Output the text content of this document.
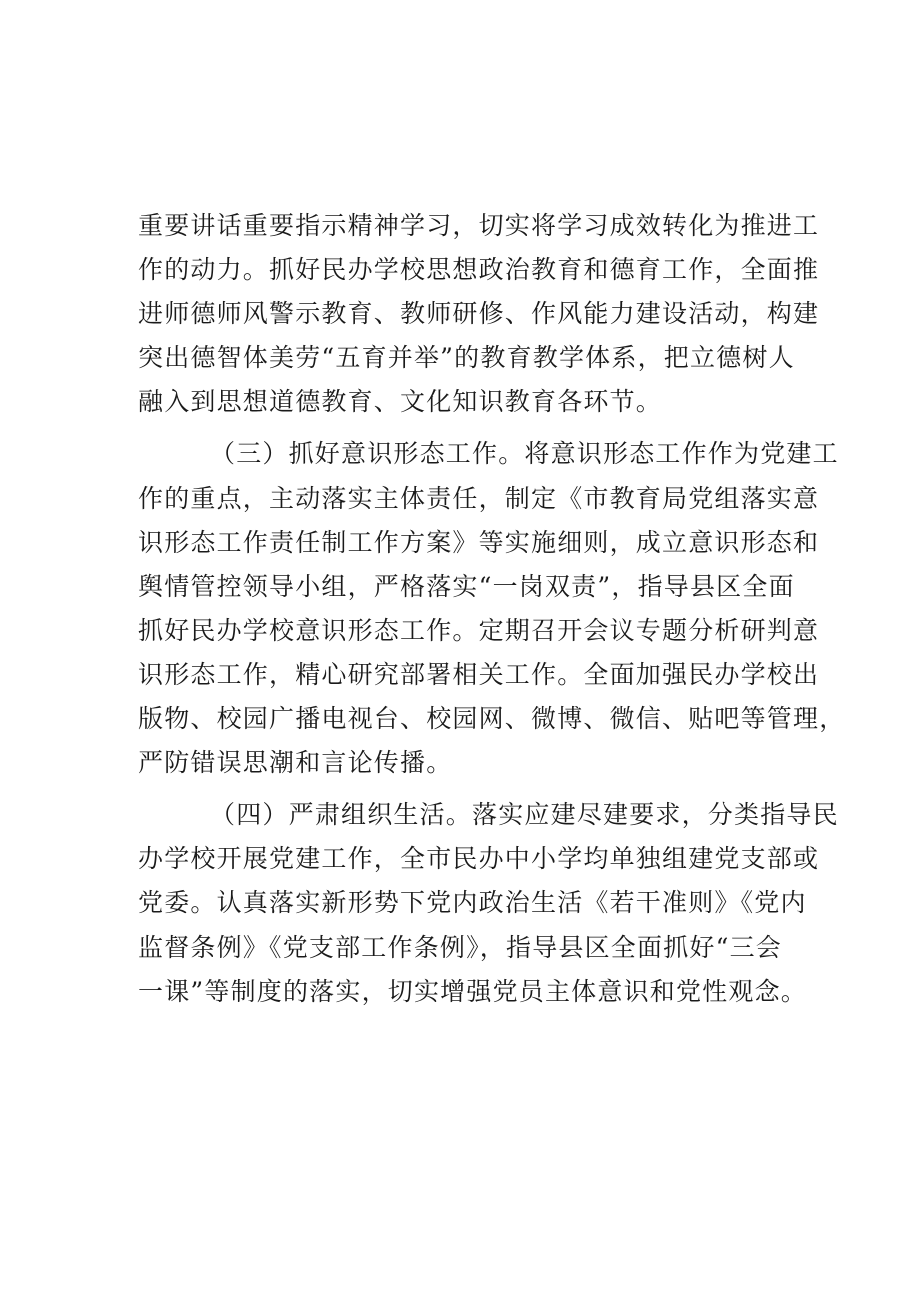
重要讲话重要指示精神学习，切实将学习成效转化为推进工
作的动力。抓好民办学校思想政治教育和德育工作，全面推
进师德师风警示教育、教师研修、作风能力建设活动，构建
突出德智体美劳“五育并举”的教育教学体系，把立德树人
融入到思想道德教育、文化知识教育各环节。
（三）抓好意识形态工作。将意识形态工作作为党建工
作的重点，主动落实主体责任，制定《市教育局党组落实意
识形态工作责任制工作方案》等实施细则，成立意识形态和
舆情管控领导小组，严格落实“一岗双责”，指导县区全面
抓好民办学校意识形态工作。定期召开会议专题分析研判意
识形态工作，精心研究部署相关工作。全面加强民办学校出
版物、校园广播电视台、校园网、微博、微信、贴吧等管理，
严防错误思潮和言论传播。
（四）严肃组织生活。落实应建尽建要求，分类指导民
办学校开展党建工作，全市民办中小学均单独组建党支部或
党委。认真落实新形势下党内政治生活《若干准则》《党内
监督条例》《党支部工作条例》，指导县区全面抓好“三会
一课”等制度的落实，切实增强党员主体意识和党性观念。
